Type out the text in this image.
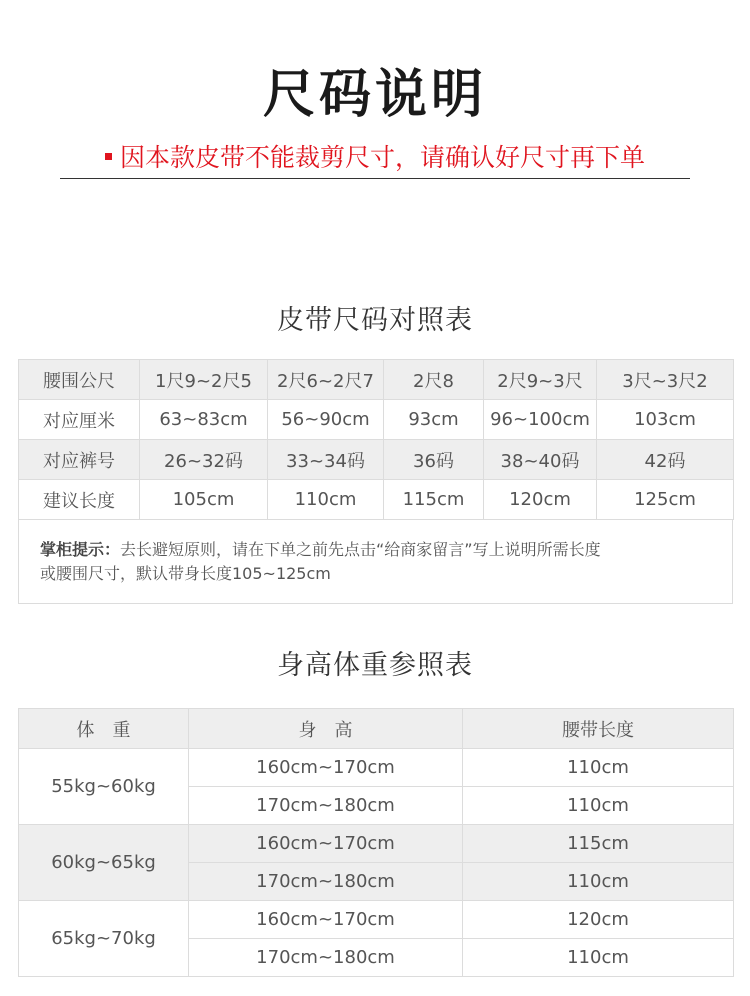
尺码说明
因本款皮带不能裁剪尺寸，请确认好尺寸再下单
皮带尺码对照表
腰围公尺	1尺9~2尺5	2尺6~2尺7	2尺8	2尺9~3尺	3尺~3尺2
对应厘米	63~83cm	56~90cm	93cm	96~100cm	103cm
对应裤号	26~32码	33~34码	36码	38~40码	42码
建议长度	105cm	110cm	115cm	120cm	125cm
掌柜提示：去长避短原则，请在下单之前先点击“给商家留言”写上说明所需长度
或腰围尺寸，默认带身长度105~125cm
身高体重参照表
体　重	身　高	腰带长度
55kg~60kg	160cm~170cm	110cm
	170cm~180cm	110cm
60kg~65kg	160cm~170cm	115cm
	170cm~180cm	110cm
65kg~70kg	160cm~170cm	120cm
	170cm~180cm	110cm
